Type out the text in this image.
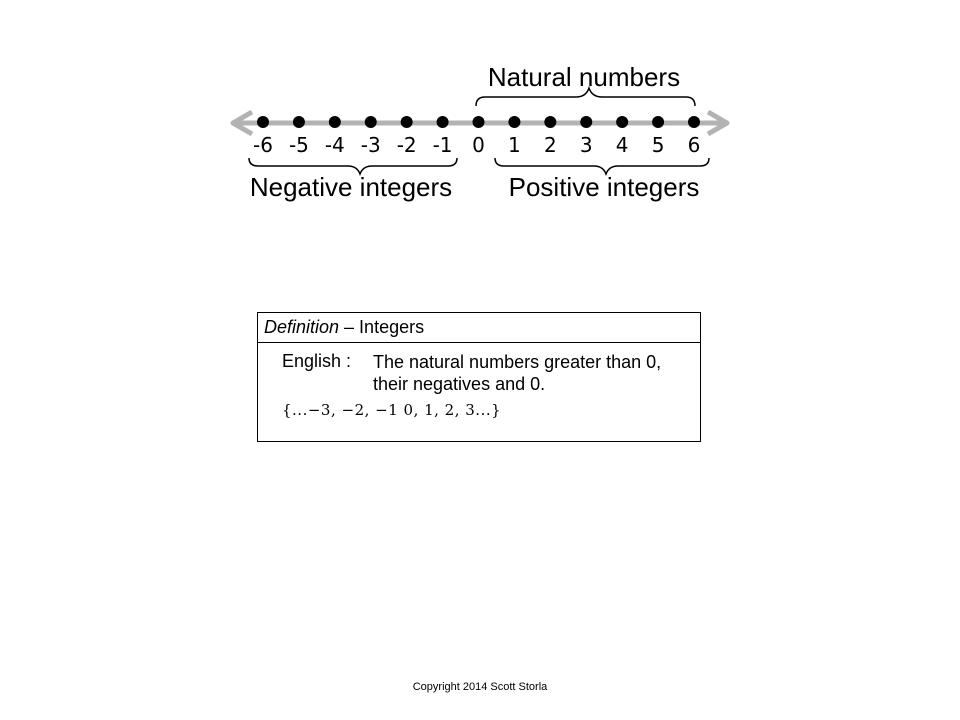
-6 -5 -4 -3 -2 -1 0 1 2 3 4 5 6
Natural numbers
Negative integers Positive integers
Definition – Integers
English : The natural numbers greater than 0, their negatives and 0.
{...−3, −2, −1 0, 1, 2, 3...}
Copyright 2014 Scott Storla
